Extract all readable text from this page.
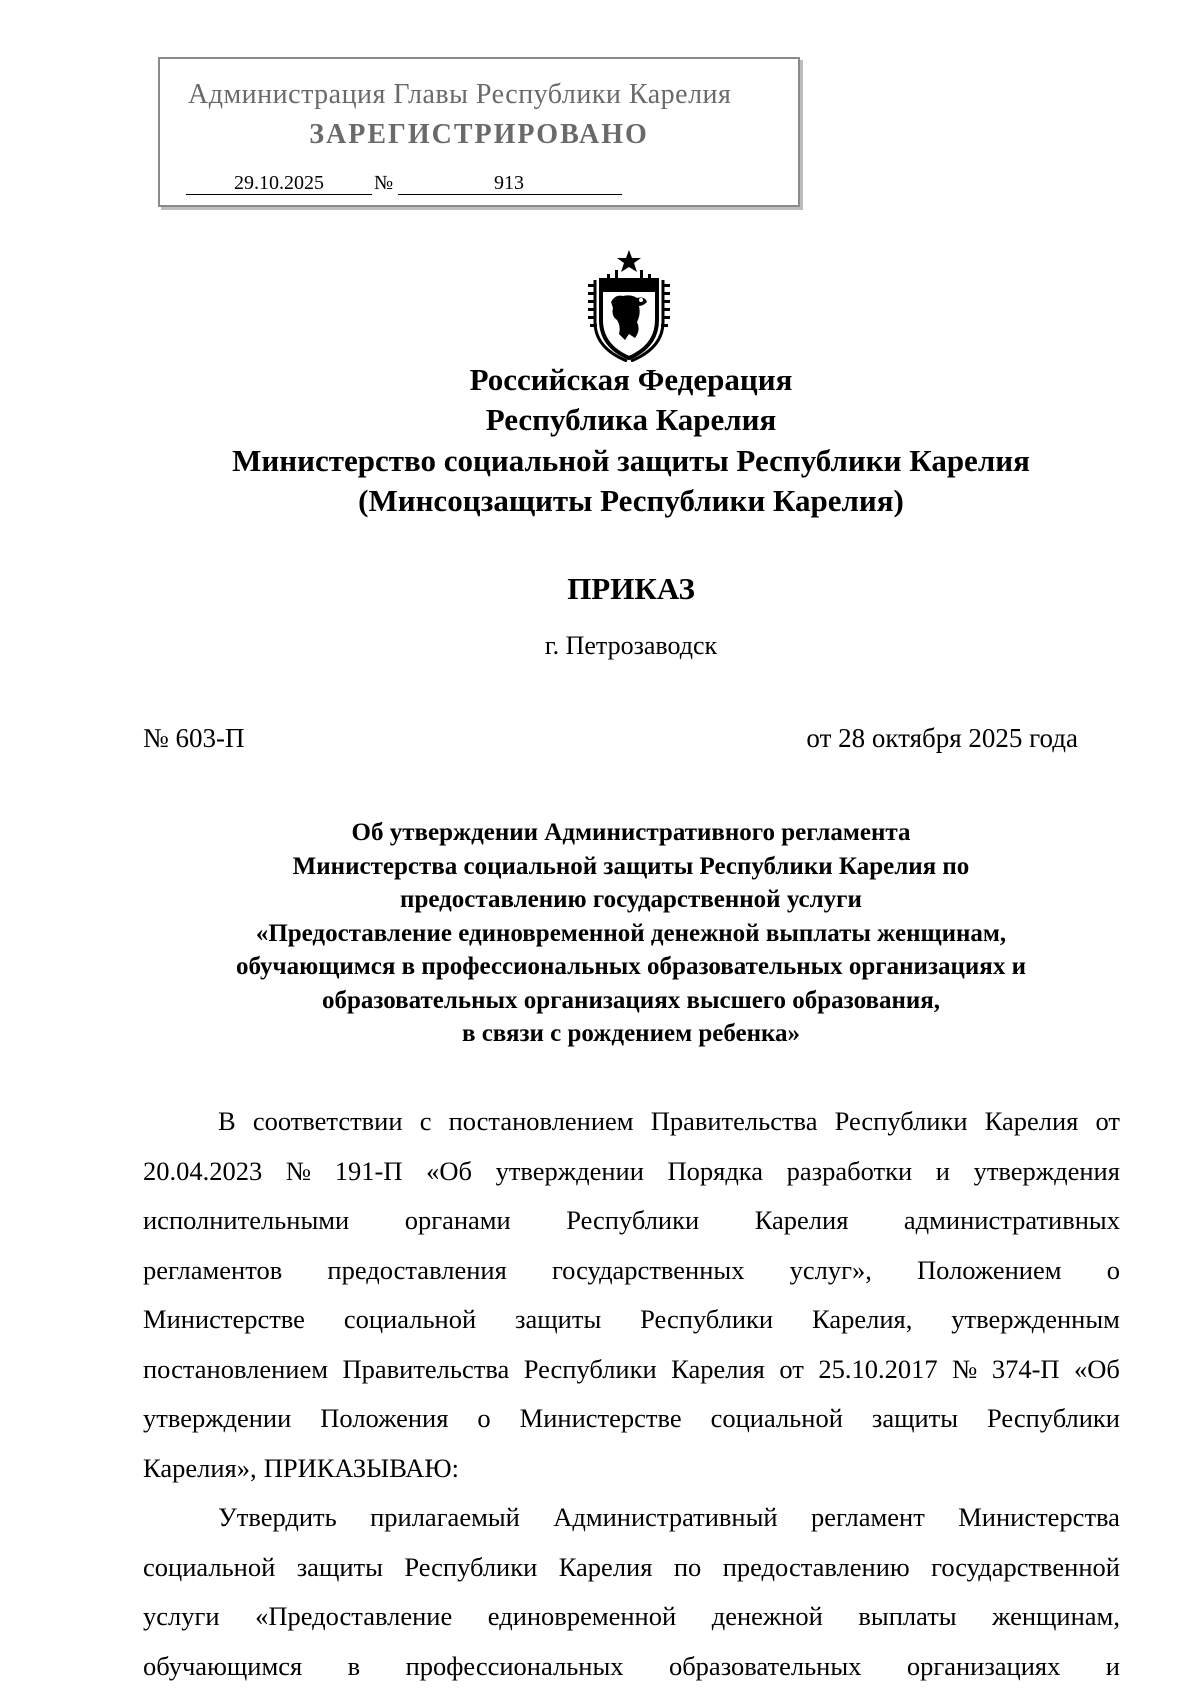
Администрация Главы Республики Карелия
ЗАРЕГИСТРИРОВАНО
29.10.2025	№	913
Российская Федерация
Республика Карелия
Министерство социальной защиты Республики Карелия
(Минсоцзащиты Республики Карелия)
ПРИКАЗ
г. Петрозаводск
№ 603-П	от 28 октября 2025 года
Об утверждении Административного регламента
Министерства социальной защиты Республики Карелия по
предоставлению государственной услуги
«Предоставление единовременной денежной выплаты женщинам,
обучающимся в профессиональных образовательных организациях и
образовательных организациях высшего образования,
в связи с рождением ребенка»
В соответствии с постановлением Правительства Республики Карелия от
20.04.2023 № 191-П «Об утверждении Порядка разработки и утверждения
исполнительными органами Республики Карелия административных
регламентов предоставления государственных услуг», Положением о
Министерстве социальной защиты Республики Карелия, утвержденным
постановлением Правительства Республики Карелия от 25.10.2017 № 374-П «Об
утверждении Положения о Министерстве социальной защиты Республики
Карелия», ПРИКАЗЫВАЮ:
Утвердить прилагаемый Административный регламент Министерства
социальной защиты Республики Карелия по предоставлению государственной
услуги «Предоставление единовременной денежной выплаты женщинам,
обучающимся в профессиональных образовательных организациях и
